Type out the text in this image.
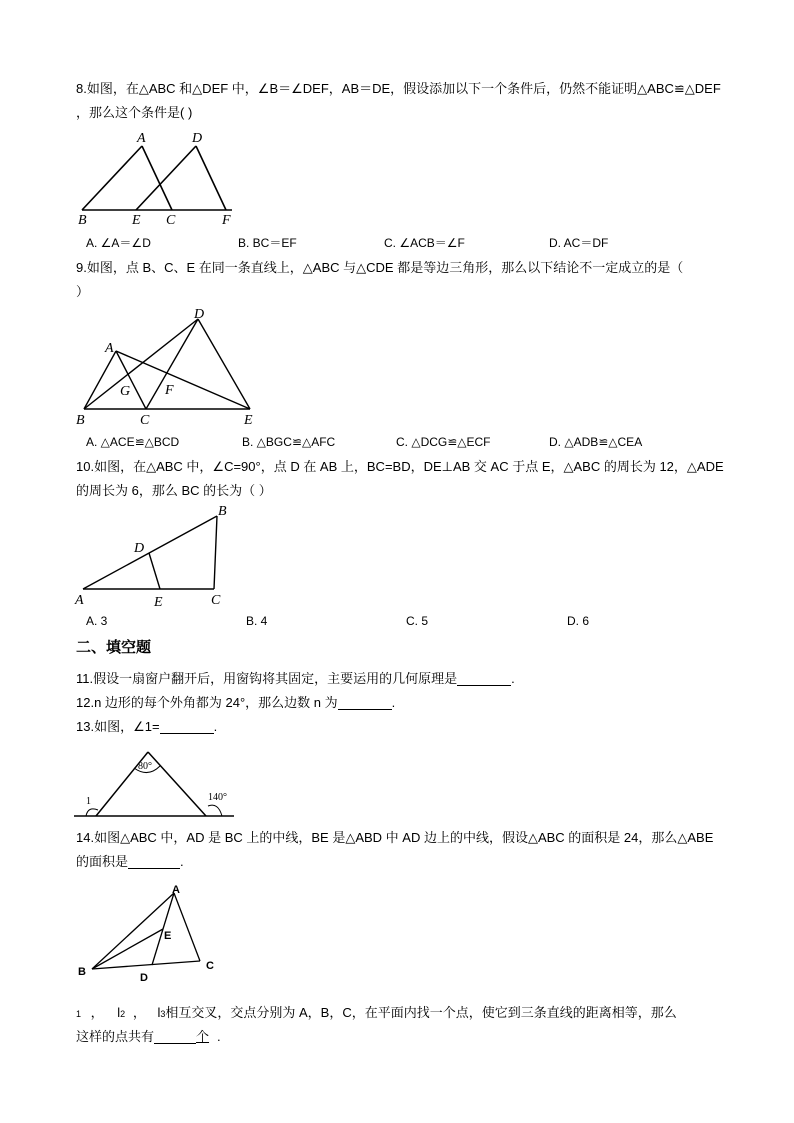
8.如图，在△ABC 和△DEF 中，∠B＝∠DEF，AB＝DE，假设添加以下一个条件后，仍然不能证明△ABC≌△DEF
，那么这个条件是( )
A	D
B	E C	F
A. ∠A＝∠D	B. BC＝EF	C. ∠ACB＝∠F	D. AC＝DF
9.如图，点 B、C、E 在同一条直线上，△ABC 与△CDE 都是等边三角形，那么以下结论不一定成立的是（
）
A
D
G F
B	C	E
A. △ACE≌△BCD	B. △BGC≌△AFC	C. △DCG≌△ECF	D. △ADB≌△CEA
10.如图，在△ABC 中，∠C=90°，点 D 在 AB 上，BC=BD，DE⊥AB 交 AC 于点 E，△ABC 的周长为 12，△ADE
的周长为 6，那么 BC 的长为（ ）
B
D
A	E	C
A. 3	B. 4	C. 5	D. 6
二、填空题
11.假设一扇窗户翻开后，用窗钩将其固定，主要运用的几何原理是	.
12.n 边形的每个外角都为 24°，那么边数 n 为	.
13.如图，∠1=	.
80°
1	140°
14.如图△ABC 中，AD 是 BC 上的中线，BE 是△ABD 中 AD 边上的中线，假设△ABC 的面积是 24，那么△ABE
的面积是	.
A
E
B	D
C
1 ， l2 ， l3相互交叉，交点分别为 A，B，C，在平面内找一个点，使它到三条直线的距离相等，那么
这样的点共有	个 .
